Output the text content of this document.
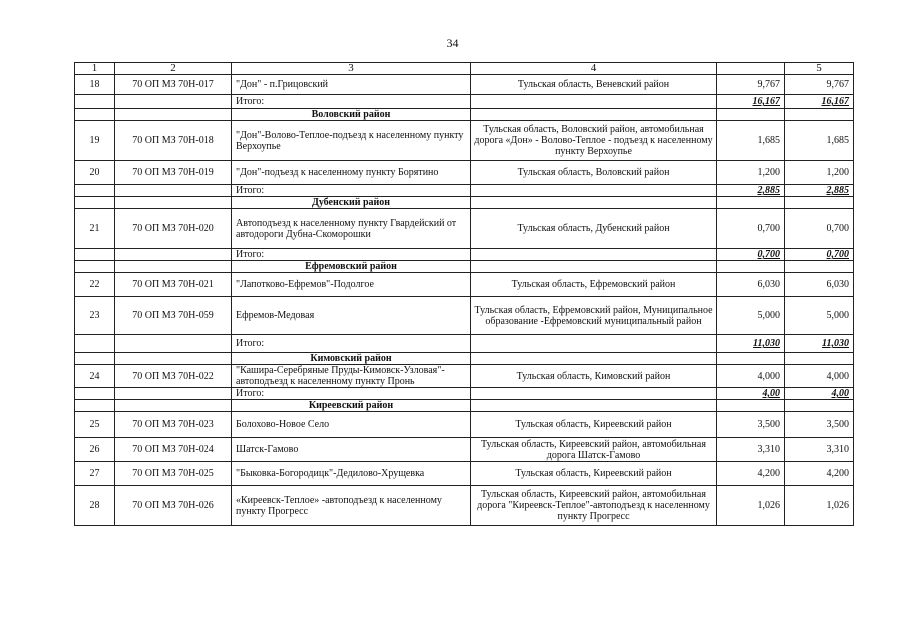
34
1	2	3	4		5
18	70 ОП МЗ 70Н-017	"Дон" - п.Грицовский	Тульская область, Веневский район	9,767	9,767
		Итого:		16,167	16,167
		Воловский район			
19	70 ОП МЗ 70Н-018	"Дон"-Волово-Теплое-подъезд к населенному пункту Верхоупье	Тульская область, Воловский район, автомобильная дорога «Дон» - Волово-Теплое - подъезд к населенному пункту Верхоупье	1,685	1,685
20	70 ОП МЗ 70Н-019	"Дон"-подъезд к населенному пункту Борятино	Тульская область, Воловский район	1,200	1,200
		Итого:		2,885	2,885
		Дубенский район			
21	70 ОП МЗ 70Н-020	Автоподъезд к населенному пункту Гвардейский от автодороги Дубна-Скоморошки	Тульская область, Дубенский район	0,700	0,700
		Итого:		0,700	0,700
		Ефремовский район			
22	70 ОП МЗ 70Н-021	"Лапотково-Ефремов"-Подолгое	Тульская область, Ефремовский район	6,030	6,030
23	70 ОП МЗ 70Н-059	Ефремов-Медовая	Тульская область, Ефремовский район, Муниципальное образование -Ефремовский муниципальный район	5,000	5,000
		Итого:		11,030	11,030
		Кимовский район			
24	70 ОП МЗ 70Н-022	"Кашира-Серебряные Пруды-Кимовск-Узловая"-автоподъезд к населенному пункту Пронь	Тульская область, Кимовский район	4,000	4,000
		Итого:		4,00	4,00
		Киреевский район			
25	70 ОП МЗ 70Н-023	Болохово-Новое Село	Тульская область, Киреевский район	3,500	3,500
26	70 ОП МЗ 70Н-024	Шатск-Гамово	Тульская область, Киреевский район, автомобильная дорога Шатск-Гамово	3,310	3,310
27	70 ОП МЗ 70Н-025	"Быковка-Богородицк"-Дедилово-Хрущевка	Тульская область, Киреевский район	4,200	4,200
28	70 ОП МЗ 70Н-026	«Киреевск-Теплое» -автоподъезд к населенному пункту Прогресс	Тульская область, Киреевский район, автомобильная дорога "Киреевск-Теплое"-автоподъезд к населенному пункту Прогресс	1,026	1,026
